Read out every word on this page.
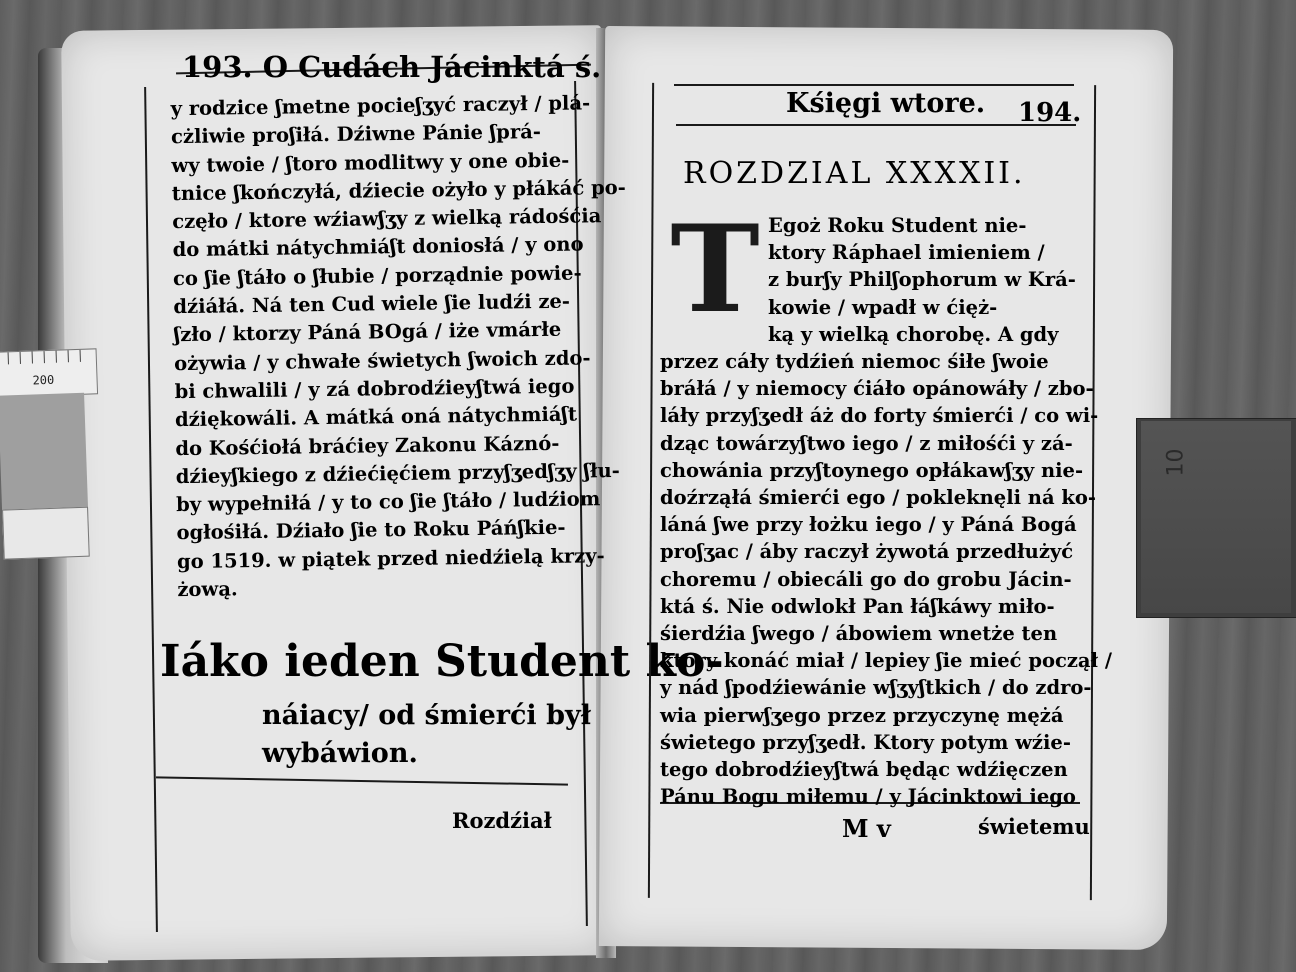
193. O Cudách Jácinktá ś.
y rodzice ʃmetne pocieʃʒyć raczył / plá-
cżliwie proʃiłá. Dźiwne Pánie ʃprá-
wy twoie / ʃtoro modlitwy y one obie-
tnice ʃkończyłá, dźiecie ożyło y płákáć po-
częło / ktore wźiawʃʒy z wielką rádośćia
do mátki nátychmiáʃt doniosłá / y ono
co ʃie ʃtáło o ʃłubie / porządnie powie-
dźiáłá. Ná ten Cud wiele ʃie ludźi ze-
ʃzło / ktorzy Páná BOgá / iże vmárłe
ożywia / y chwałe świetych ʃwoich zdo-
bi chwalili / y zá dobrodźieyʃtwá iego
dźiękowáli. A mátká oná nátychmiáʃt
do Kośćiołá bráćiey Zakonu Káznó-
dźieyʃkiego z dźiećięćiem przyʃʒedʃʒy ʃłu-
by wypełniłá / y to co ʃie ʃtáło / ludźiom
ogłośiłá. Dźiało ʃie to Roku Páńʃkie-
go 1519. w piątek przed niedźielą krzy-
żową.
Iáko ieden Student ko-
náiacy/ od śmierći był
wybáwion.
Rozdźiał
Kśięgi wtore. 194.
ROZDZIAL XXXXII.
T Egoż Roku Student nie-
ktory Ráphael imieniem /
z burʃy Philʃophorum w Krá-
kowie / wpadł w ćięż-
ką y wielką chorobę. A gdy
przez cáły tydźień niemoc śiłe ʃwoie
bráłá / y niemocy ćiáło opánowáły / zbo-
láły przyʃʒedł áż do forty śmierći / co wi-
dząc towárzyʃtwo iego / z miłośći y zá-
chowánia przyʃtoynego opłákawʃʒy nie-
doźrząłá śmierći ego / pokleknęli ná ko-
láná ʃwe przy łożku iego / y Páná Bogá
proʃʒac / áby raczył żywotá przedłużyć
choremu / obiecáli go do grobu Jácin-
ktá ś. Nie odwlokł Pan łáʃkáwy miło-
śierdźia ʃwego / ábowiem wnetże ten
ktory konáć miał / lepiey ʃie mieć począł /
y nád ʃpodźiewánie wʃʒyʃtkich / do zdro-
wia pierwʃʒego przez przyczynę mężá
świetego przyʃʒedł. Ktory potym wźie-
tego dobrodźieyʃtwá będąc wdźięczen
Pánu Bogu miłemu / y Jácinktowi iego
M v	świetemu
200
10
